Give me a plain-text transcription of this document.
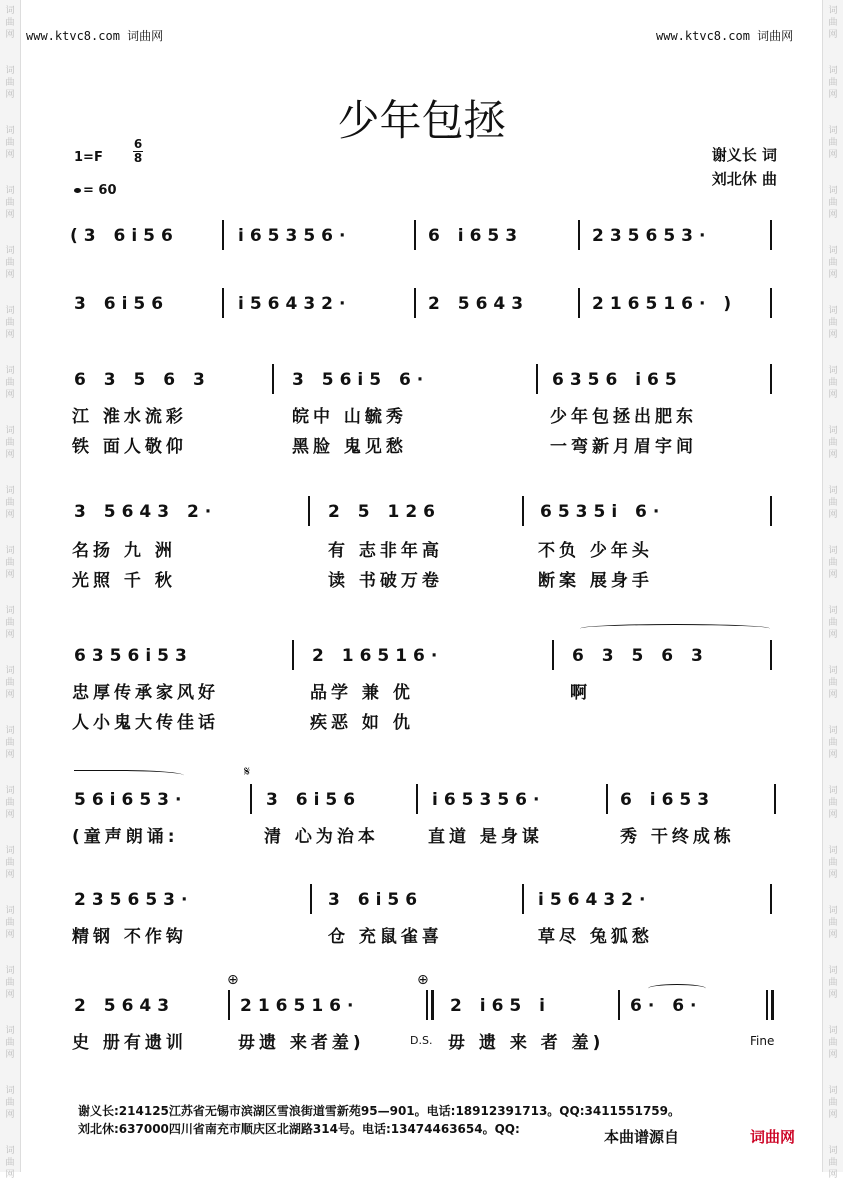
词
曲
网
词
曲
网
词
曲
网
词
曲
网
词
曲
网
词
曲
网
词
曲
网
词
曲
网
词
曲
网
词
曲
网
词
曲
网
词
曲
网
词
曲
网
词
曲
网
词
曲
网
词
曲
网
词
曲
网
词
曲
网
词
曲
网
词
曲
网
词
曲
网
词
曲
网
词
曲
网
词
曲
网
词
曲
网
词
曲
网
词
曲
网
词
曲
网
词
曲
网
词
曲
网
词
曲
网
词
曲
网
词
曲
网
词
曲
网
词
曲
网
词
曲
网
词
曲
网
词
曲
网
词
曲
网
词
曲
网
www.ktvc8.com 词曲网	www.ktvc8.com 词曲网
少年包拯
谢义长 词
刘北休 曲
1=F
6
8
= 60
(3 6i56	i65356·	6 i653	235653·
3 6i56	i56432·	2 5643	216516· )
6 3 5 6 3	3 56i5 6·	6356 i65
江 淮水流彩	皖中 山毓秀	少年包拯出肥东
铁 面人敬仰	黑脸 鬼见愁	一弯新月眉宇间
3 5643 2·	2 5 126	6535i 6·
名扬 九 洲	有 志非年高	不负 少年头
光照 千 秋	读 书破万卷	断案 展身手
6356i53	2 16516·	6 3 5 6 3
忠厚传承家风好	品学 兼 优	啊
人小鬼大传佳话	疾恶 如 仇
𝄋
56i653·	3 6i56	i65356·	6 i653
(童声朗诵:	清 心为治本	直道 是身谋	秀 干终成栋
235653·	3 6i56	i56432·
精钢 不作钩	仓 充鼠雀喜	草尽 兔狐愁
⊕	⊕
2 5643	216516·	2 i65 i	6· 6·
史 册有遗训	毋遗 来者羞)	毋 遗 来 者 羞)
D.S.	Fine
谢义长:214125江苏省无锡市滨湖区雪浪街道雪新苑95—901。电话:18912391713。QQ:3411551759。
刘北休:637000四川省南充市顺庆区北湖路314号。电话:13474463654。QQ:	本曲谱源自	词曲网
